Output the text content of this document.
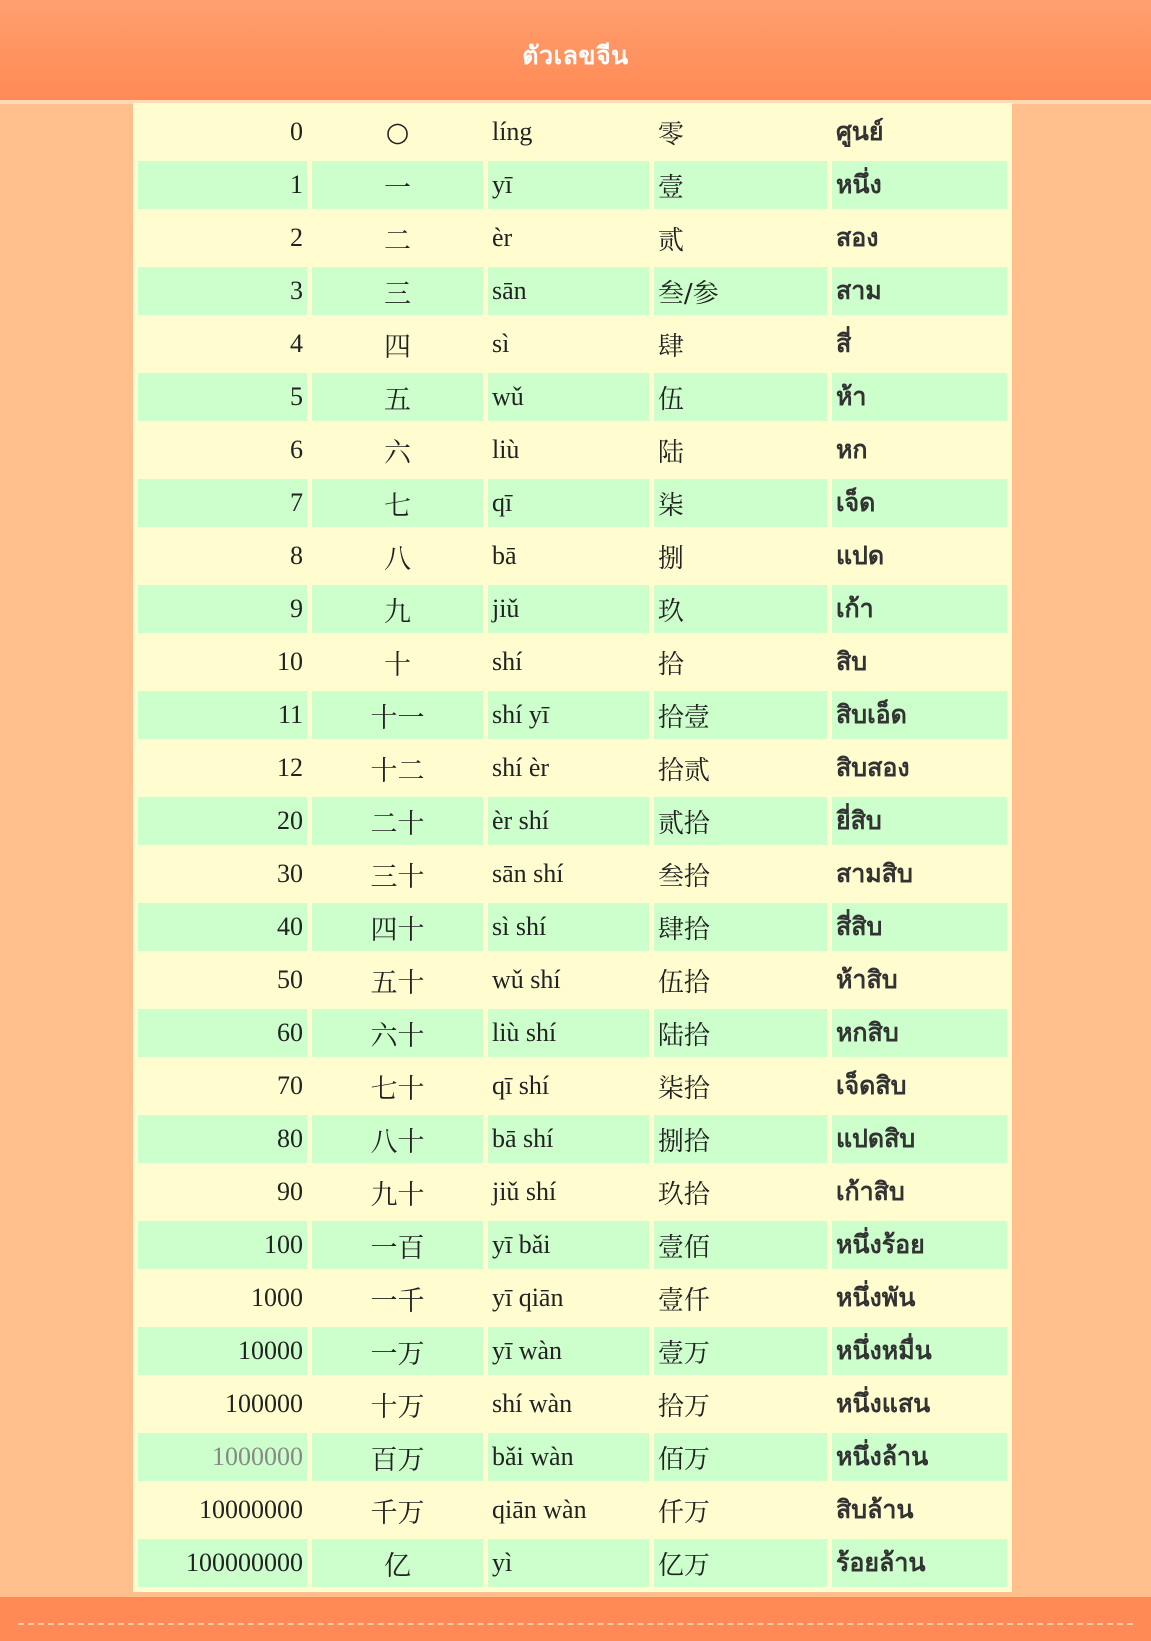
ตัวเลขจีน
0	○	líng	零	ศูนย์
1	一	yī	壹	หนึ่ง
2	二	èr	贰	สอง
3	三	sān	叁/参	สาม
4	四	sì	肆	สี่
5	五	wǔ	伍	ห้า
6	六	liù	陆	หก
7	七	qī	柒	เจ็ด
8	八	bā	捌	แปด
9	九	jiǔ	玖	เก้า
10	十	shí	拾	สิบ
11	十一	shí yī	拾壹	สิบเอ็ด
12	十二	shí èr	拾贰	สิบสอง
20	二十	èr shí	贰拾	ยี่สิบ
30	三十	sān shí	叁拾	สามสิบ
40	四十	sì shí	肆拾	สี่สิบ
50	五十	wǔ shí	伍拾	ห้าสิบ
60	六十	liù shí	陆拾	หกสิบ
70	七十	qī shí	柒拾	เจ็ดสิบ
80	八十	bā shí	捌拾	แปดสิบ
90	九十	jiǔ shí	玖拾	เก้าสิบ
100	一百	yī bǎi	壹佰	หนึ่งร้อย
1000	一千	yī qiān	壹仟	หนึ่งพัน
10000	一万	yī wàn	壹万	หนึ่งหมื่น
100000	十万	shí wàn	拾万	หนึ่งแสน
1000000	百万	bǎi wàn	佰万	หนึ่งล้าน
10000000	千万	qiān wàn	仟万	สิบล้าน
100000000	亿	yì	亿万	ร้อยล้าน
